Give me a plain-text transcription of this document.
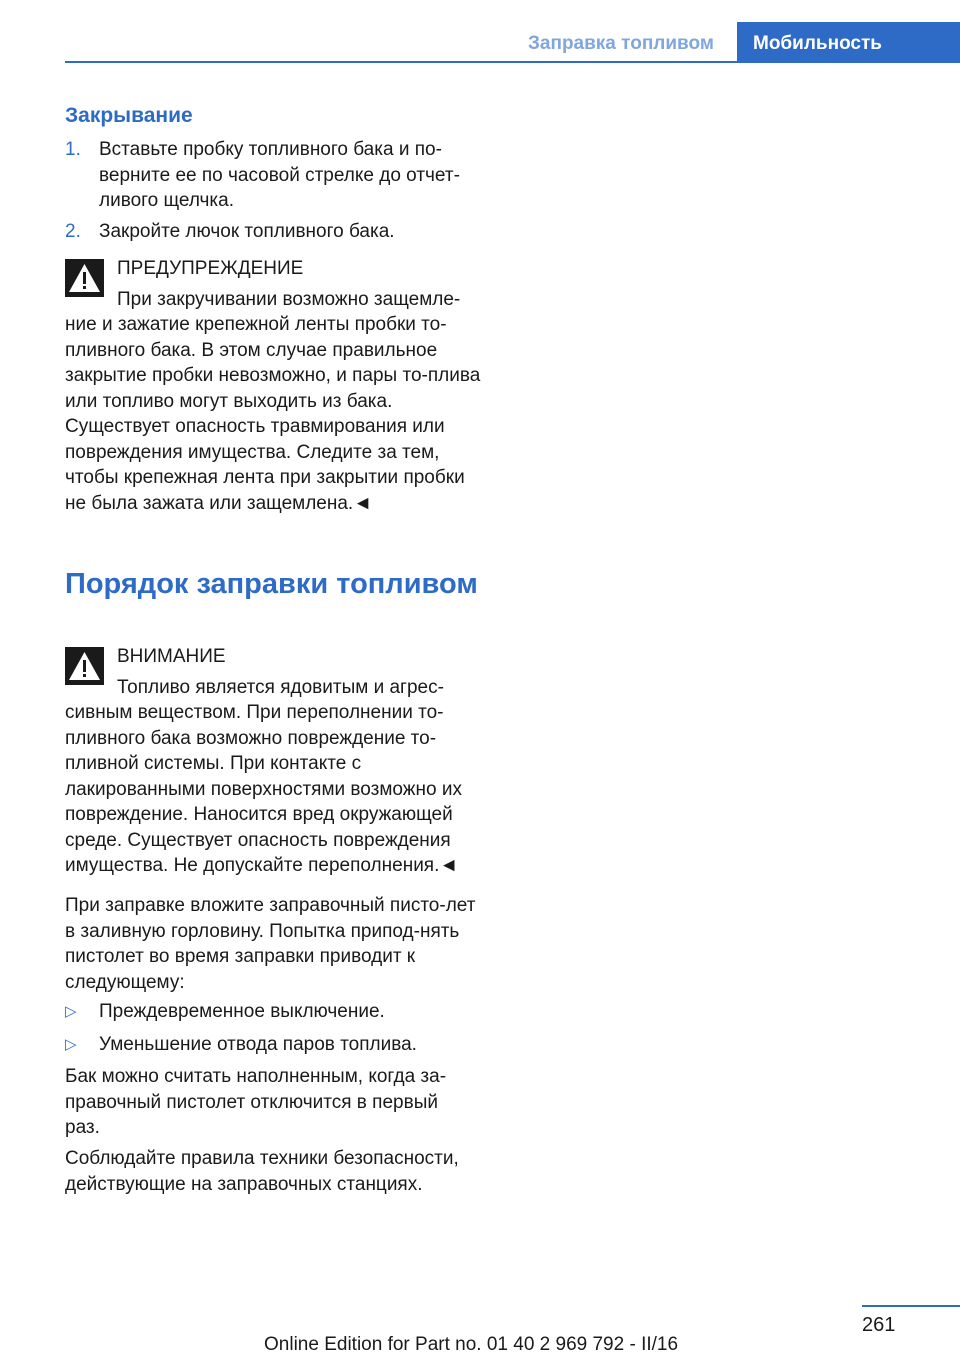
Заправка топливом	Мобильность
Закрывание
1. Вставьте пробку топливного бака и по-верните ее по часовой стрелке до отчет-ливого щелчка.
2. Закройте лючок топливного бака.
ПРЕДУПРЕЖДЕНИЕ
При закручивании возможно защемле-ние и зажатие крепежной ленты пробки то-пливного бака. В этом случае правильное закрытие пробки невозможно, и пары то-плива или топливо могут выходить из бака. Существует опасность травмирования или повреждения имущества. Следите за тем, чтобы крепежная лента при закрытии пробки не была зажата или защемлена.◄
Порядок заправки топливом
ВНИМАНИЕ
Топливо является ядовитым и агрес-сивным веществом. При переполнении то-пливного бака возможно повреждение то-пливной системы. При контакте с лакированными поверхностями возможно их повреждение. Наносится вред окружающей среде. Существует опасность повреждения имущества. Не допускайте переполнения.◄
При заправке вложите заправочный писто-лет в заливную горловину. Попытка припод-нять пистолет во время заправки приводит к следующему:
▷ Преждевременное выключение.
▷ Уменьшение отвода паров топлива.
Бак можно считать наполненным, когда за-правочный пистолет отключится в первый раз.
Соблюдайте правила техники безопасности, действующие на заправочных станциях.
261
Online Edition for Part no. 01 40 2 969 792 - II/16
